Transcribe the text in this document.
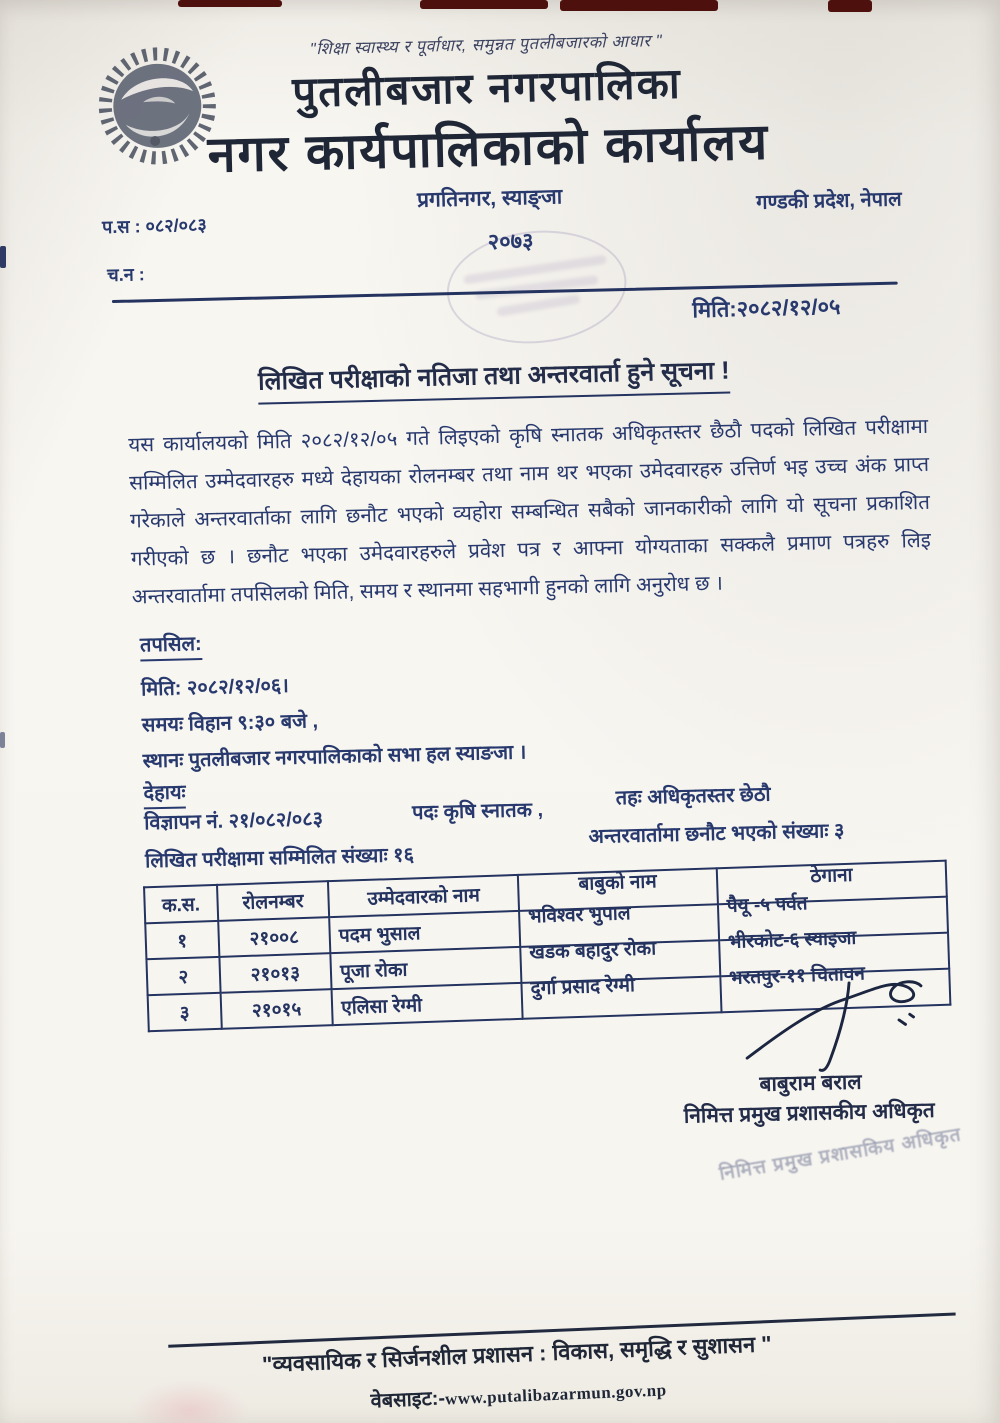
"शिक्षा स्वास्थ्य र पूर्वाधार, समुन्नत पुतलीबजारको आधार "
पुतलीबजार नगरपालिका
नगर कार्यपालिकाको कार्यालय
प्रगतिनगर, स्याङ्जा	गण्डकी प्रदेश, नेपाल
प.स : ०८२/०८३
२०७३
च.न :
मिति:२०८२/१२/०५
लिखित परीक्षाको नतिजा तथा अन्तरवार्ता हुने सूचना !
यस कार्यालयको मिति २०८२/१२/०५ गते लिइएको कृषि स्नातक अधिकृतस्तर छैठौ पदको लिखित परीक्षामा सम्मिलित उम्मेदवारहरु मध्ये देहायका रोलनम्बर तथा नाम थर भएका उमेदवारहरु उत्तिर्ण भइ उच्च अंक प्राप्त गरेकाले अन्तरवार्ताका लागि छनौट भएको व्यहोरा सम्बन्धित सबैको जानकारीको लागि यो सूचना प्रकाशित गरीएको छ । छनौट भएका उमेदवारहरुले प्रवेश पत्र र आफ्ना योग्यताका सक्कलै प्रमाण पत्रहरु लिइ अन्तरवार्तामा तपसिलको मिति, समय र स्थानमा सहभागी हुनको लागि अनुरोध छ ।
तपसिल:
मिति: २०८२/१२/०६।
समयः विहान ९:३० बजे ,
स्थानः पुतलीबजार नगरपालिकाको सभा हल स्याङजा ।
देहायः
विज्ञापन नं. २१/०८२/०८३	पदः कृषि स्नातक ,
तहः अधिकृतस्तर छेठौ
लिखित परीक्षामा सम्मिलित संख्याः १६
अन्तरवार्तामा छनौट भएको संख्याः ३
क.स.	रोलनम्बर	उम्मेदवारको नाम	बाबुको नाम	ठेगाना
१	२१००८	पदम भुसाल	भविश्वर भुपाल	पैयू -५ पर्वत
२	२१०१३	पूजा रोका	खडक बहादुर रोका	भीरकोट-६ स्याइजा
३	२१०१५	एलिसा रेग्मी	दुर्गा प्रसाद रेग्मी	भरतपुर-११ चितावन
बाबुराम बराल
निमित्त प्रमुख प्रशासकीय अधिकृत
निमित्त प्रमुख प्रशासकिय अधिकृत
"व्यवसायिक र सिर्जनशील प्रशासन : विकास, समृद्धि र सुशासन "
वेबसाइट:-www.putalibazarmun.gov.np
